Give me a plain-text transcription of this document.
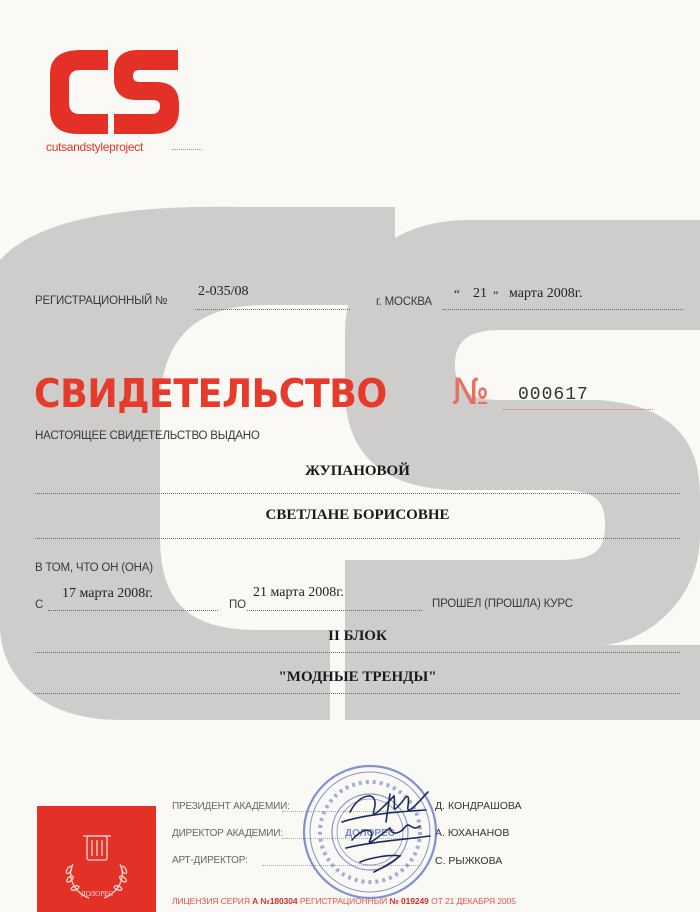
cutsandstyleproject
РЕГИСТРАЦИОННЫЙ №
2-035/08
г. МОСКВА
“ 21 ” марта 2008г.
СВИДЕТЕЛЬСТВО № 000617
НАСТОЯЩЕЕ СВИДЕТЕЛЬСТВО ВЫДАНО
ЖУПАНОВОЙ
СВЕТЛАНЕ БОРИСОВНЕ
В ТОМ, ЧТО ОН (ОНА)
С
17 марта 2008г.
ПО
21 марта 2008г.
ПРОШЕЛ (ПРОШЛА) КУРС
II БЛОК
"МОДНЫЕ ТРЕНДЫ"
ДОЛОРЕС
ПРЕЗИДЕНТ АКАДЕМИИ:	Д. КОНДРАШОВА
ДИРЕКТОР АКАДЕМИИ:	А. ЮХАНАНОВ
АРТ-ДИРЕКТОР:	С. РЫЖКОВА
ДОЛОРЕС
ЛИЦЕНЗИЯ СЕРИЯ А №180304 РЕГИСТРАЦИОННЫЙ № 019249 ОТ 21 ДЕКАБРЯ 2005
